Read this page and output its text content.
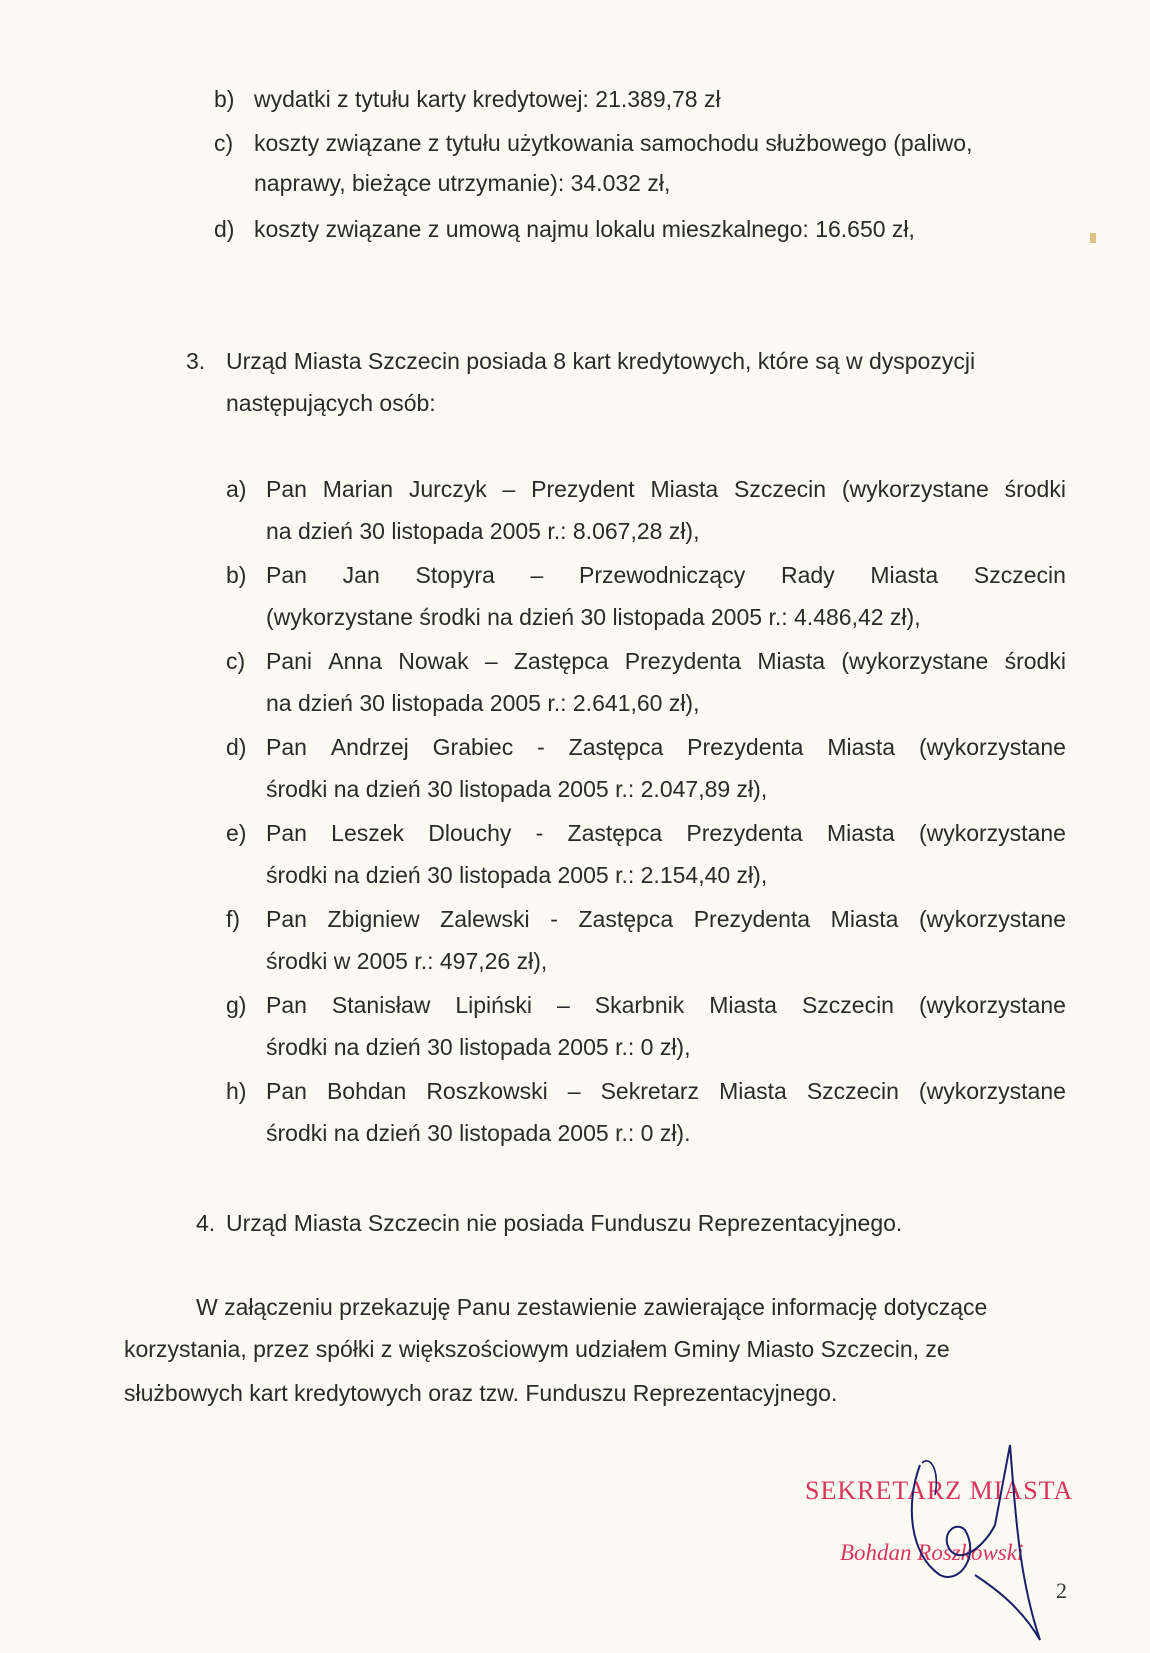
b) wydatki z tytułu karty kredytowej: 21.389,78 zł
c) koszty związane z tytułu użytkowania samochodu służbowego (paliwo,
naprawy, bieżące utrzymanie): 34.032 zł,
d) koszty związane z umową najmu lokalu mieszkalnego: 16.650 zł,
3. Urząd Miasta Szczecin posiada 8 kart kredytowych, które są w dyspozycji
następujących osób:
a) Pan Marian Jurczyk – Prezydent Miasta Szczecin (wykorzystane środki
na dzień 30 listopada 2005 r.: 8.067,28 zł),
b) Pan Jan Stopyra – Przewodniczący Rady Miasta Szczecin
(wykorzystane środki na dzień 30 listopada 2005 r.: 4.486,42 zł),
c) Pani Anna Nowak – Zastępca Prezydenta Miasta (wykorzystane środki
na dzień 30 listopada 2005 r.: 2.641,60 zł),
d) Pan Andrzej Grabiec - Zastępca Prezydenta Miasta (wykorzystane
środki na dzień 30 listopada 2005 r.: 2.047,89 zł),
e) Pan Leszek Dlouchy - Zastępca Prezydenta Miasta (wykorzystane
środki na dzień 30 listopada 2005 r.: 2.154,40 zł),
f) Pan Zbigniew Zalewski - Zastępca Prezydenta Miasta (wykorzystane
środki w 2005 r.: 497,26 zł),
g) Pan Stanisław Lipiński – Skarbnik Miasta Szczecin (wykorzystane
środki na dzień 30 listopada 2005 r.: 0 zł),
h) Pan Bohdan Roszkowski – Sekretarz Miasta Szczecin (wykorzystane
środki na dzień 30 listopada 2005 r.: 0 zł).
4. Urząd Miasta Szczecin nie posiada Funduszu Reprezentacyjnego.
W załączeniu przekazuję Panu zestawienie zawierające informację dotyczące
korzystania, przez spółki z większościowym udziałem Gminy Miasto Szczecin, ze
służbowych kart kredytowych oraz tzw. Funduszu Reprezentacyjnego.
SEKRETARZ MIASTA
Bohdan Roszkowski
2
